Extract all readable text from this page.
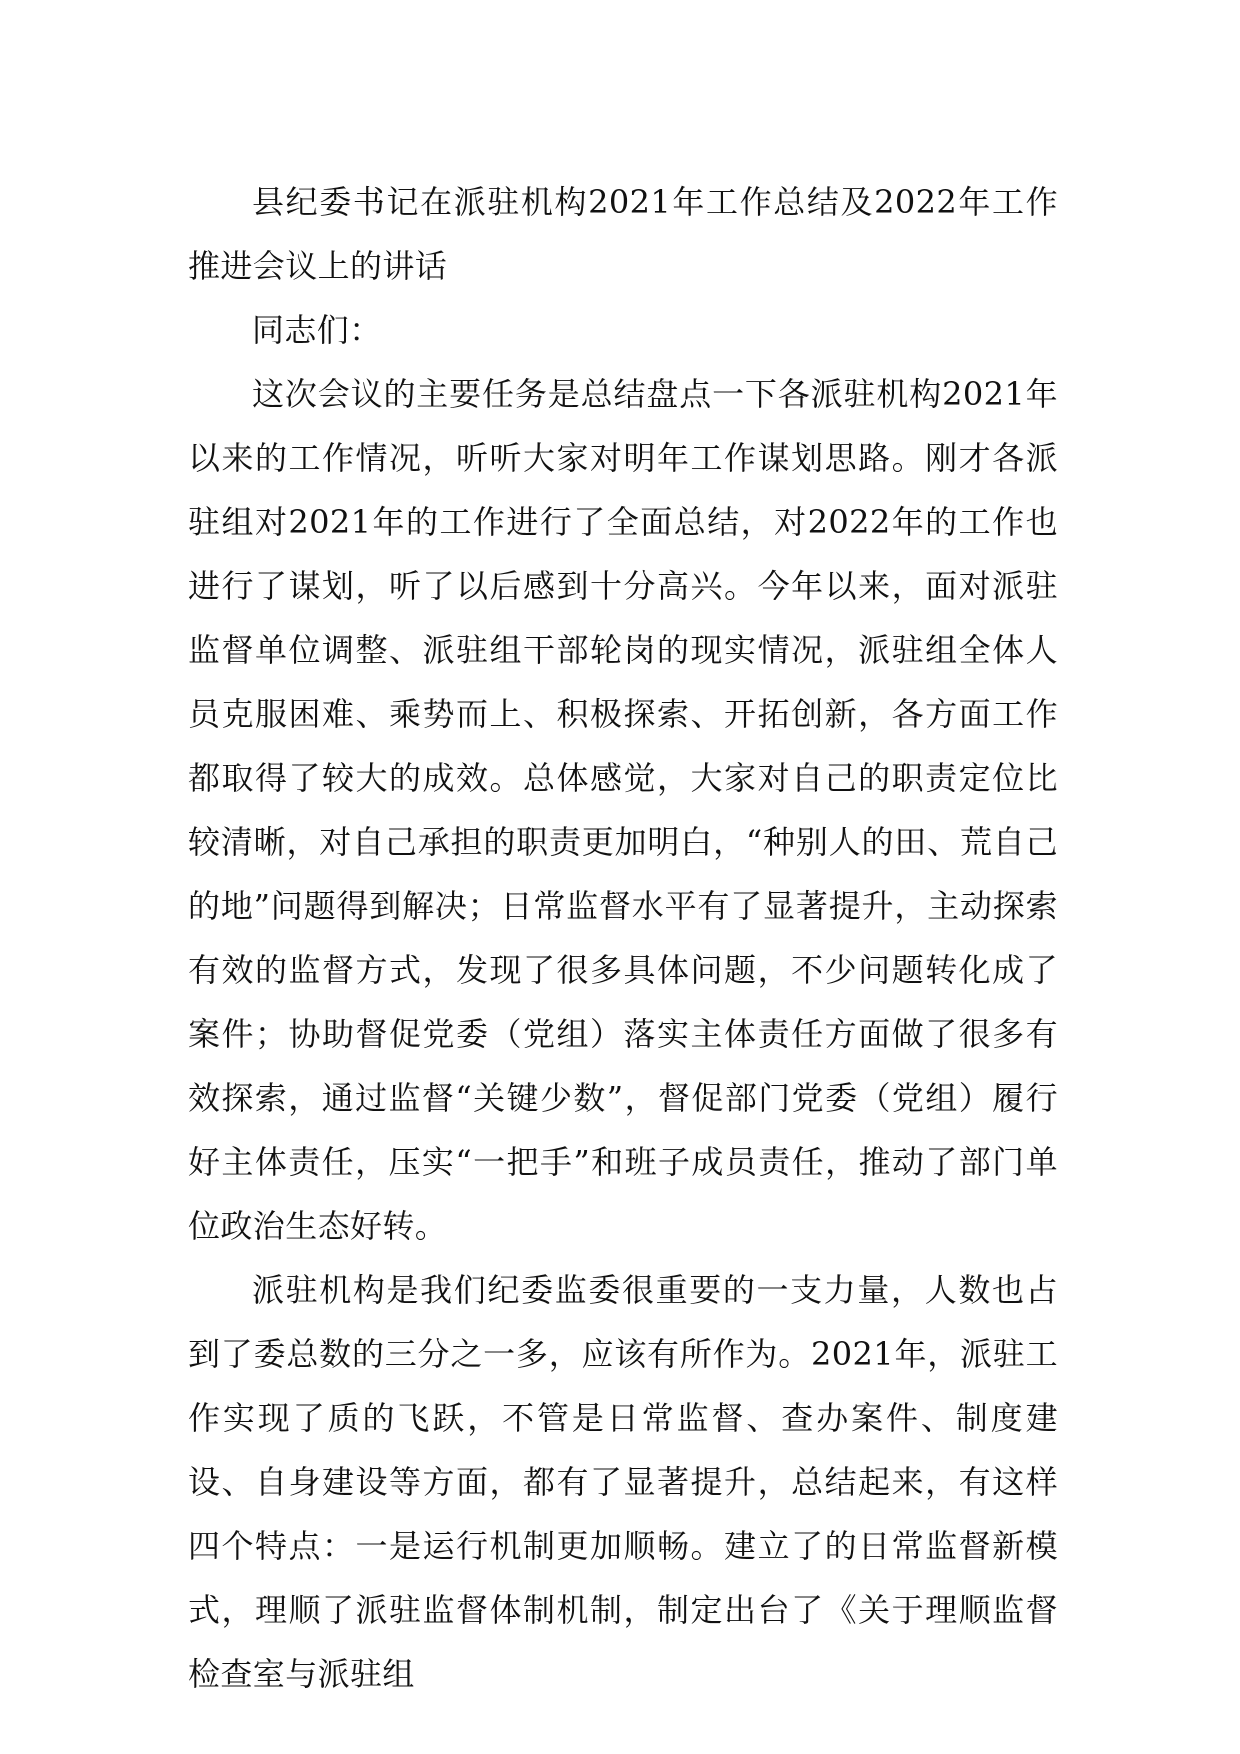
县纪委书记在派驻机构2021年工作总结及2022年工作推进会议上的讲话

同志们：

这次会议的主要任务是总结盘点一下各派驻机构2021年以来的工作情况，听听大家对明年工作谋划思路。刚才各派驻组对2021年的工作进行了全面总结，对2022年的工作也进行了谋划，听了以后感到十分高兴。今年以来，面对派驻监督单位调整、派驻组干部轮岗的现实情况，派驻组全体人员克服困难、乘势而上、积极探索、开拓创新，各方面工作都取得了较大的成效。总体感觉，大家对自己的职责定位比较清晰，对自己承担的职责更加明白，“种别人的田、荒自己的地”问题得到解决；日常监督水平有了显著提升，主动探索有效的监督方式，发现了很多具体问题，不少问题转化成了案件；协助督促党委（党组）落实主体责任方面做了很多有效探索，通过监督“关键少数”，督促部门党委（党组）履行好主体责任，压实“一把手”和班子成员责任，推动了部门单位政治生态好转。

派驻机构是我们纪委监委很重要的一支力量，人数也占到了委总数的三分之一多，应该有所作为。2021年，派驻工作实现了质的飞跃，不管是日常监督、查办案件、制度建设、自身建设等方面，都有了显著提升，总结起来，有这样四个特点：一是运行机制更加顺畅。建立了的日常监督新模式，理顺了派驻监督体制机制，制定出台了《关于理顺监督检查室与派驻组
